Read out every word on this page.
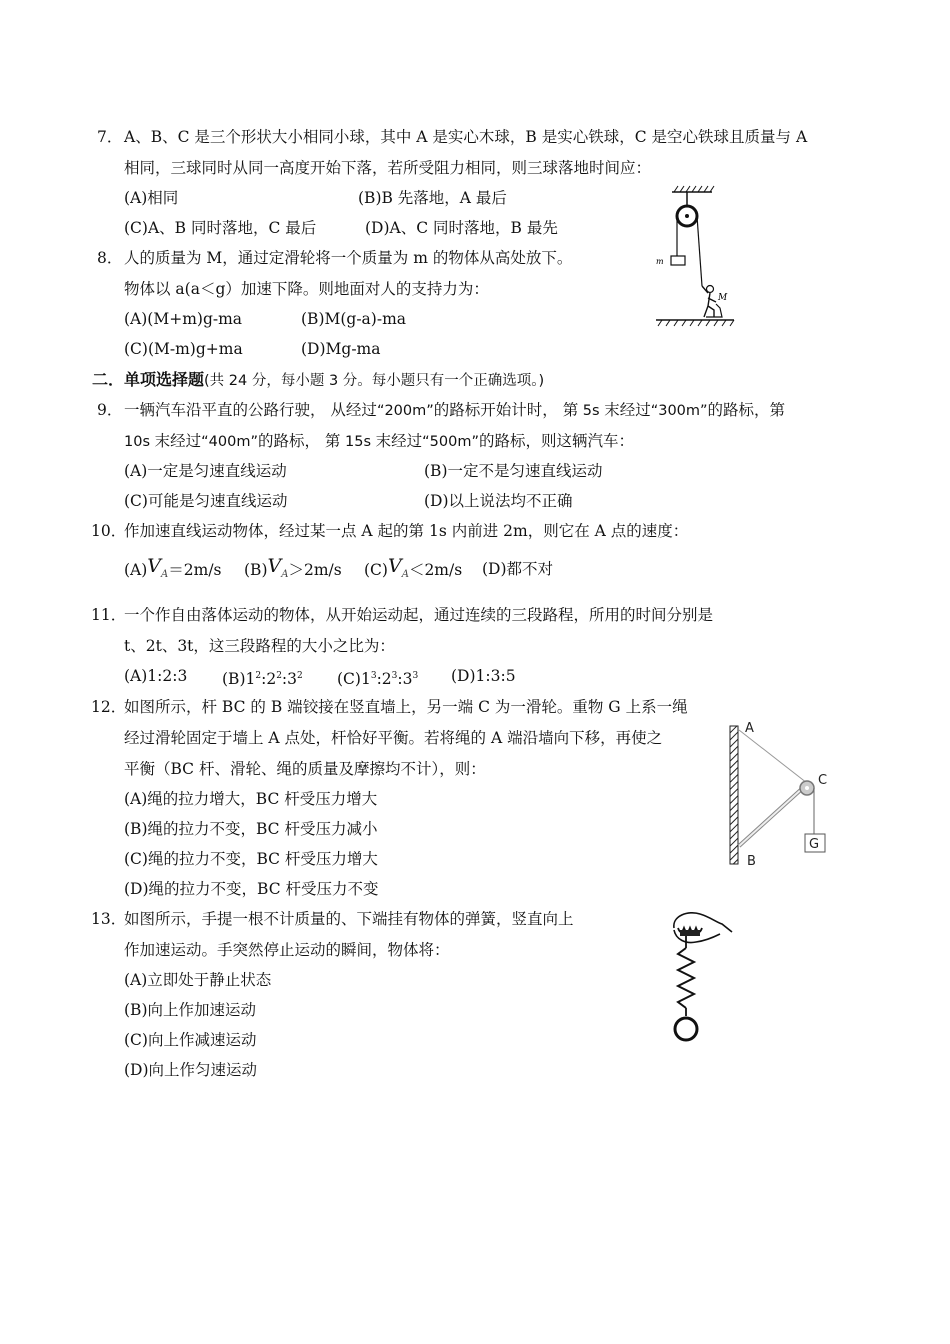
7． A、B、C 是三个形状大小相同小球，其中 A 是实心木球，B 是实心铁球，C 是空心铁球且质量与 A
相同，三球同时从同一高度开始下落，若所受阻力相同，则三球落地时间应：
(A)相同	(B)B 先落地，A 最后
(C)A、B 同时落地，C 最后	(D)A、C 同时落地，B 最先
8． 人的质量为 M，通过定滑轮将一个质量为 m 的物体从高处放下。
物体以 a(a＜g）加速下降。则地面对人的支持力为：
(A)(M+m)g-ma	(B)M(g-a)-ma
(C)(M-m)g+ma	(D)Mg-ma
m
M
二．单项选择题(共 24 分，每小题 3 分。每小题只有一个正确选项。)
9． 一辆汽车沿平直的公路行驶， 从经过“200m”的路标开始计时， 第 5s 末经过“300m”的路标，第
10s 末经过“400m”的路标， 第 15s 末经过“500m”的路标，则这辆汽车：
(A)一定是匀速直线运动	(B)一定不是匀速直线运动
(C)可能是匀速直线运动	(D)以上说法均不正确
10．
作加速直线运动物体，经过某一点 A 起的第 1s 内前进 2m，则它在 A 点的速度：
$(A)V_A=2m/s$ $(B)V_A>2m/s$ $(C)V_A<2m/s$ (D)都不对
11．
一个作自由落体运动的物体，从开始运动起，通过连续的三段路程，所用的时间分别是
t、2t、3t，这三段路程的大小之比为：
(A)1:2:3 $(B)1^2:2^2:3^2$ $(C)1^3:2^3:3^3$ (D)1:3:5
12．
如图所示，杆 BC 的 B 端铰接在竖直墙上，另一端 C 为一滑轮。重物 G 上系一绳
经过滑轮固定于墙上 A 点处，杆恰好平衡。若将绳的 A 端沿墙向下移，再使之
平衡（BC 杆、滑轮、绳的质量及摩擦均不计），则：
(A)绳的拉力增大，BC 杆受压力增大
(B)绳的拉力不变，BC 杆受压力减小
(C)绳的拉力不变，BC 杆受压力增大
(D)绳的拉力不变，BC 杆受压力不变
G
A
C
B
13．
如图所示，手提一根不计质量的、下端挂有物体的弹簧，竖直向上
作加速运动。手突然停止运动的瞬间，物体将：
(A)立即处于静止状态
(B)向上作加速运动
(C)向上作减速运动
(D)向上作匀速运动
